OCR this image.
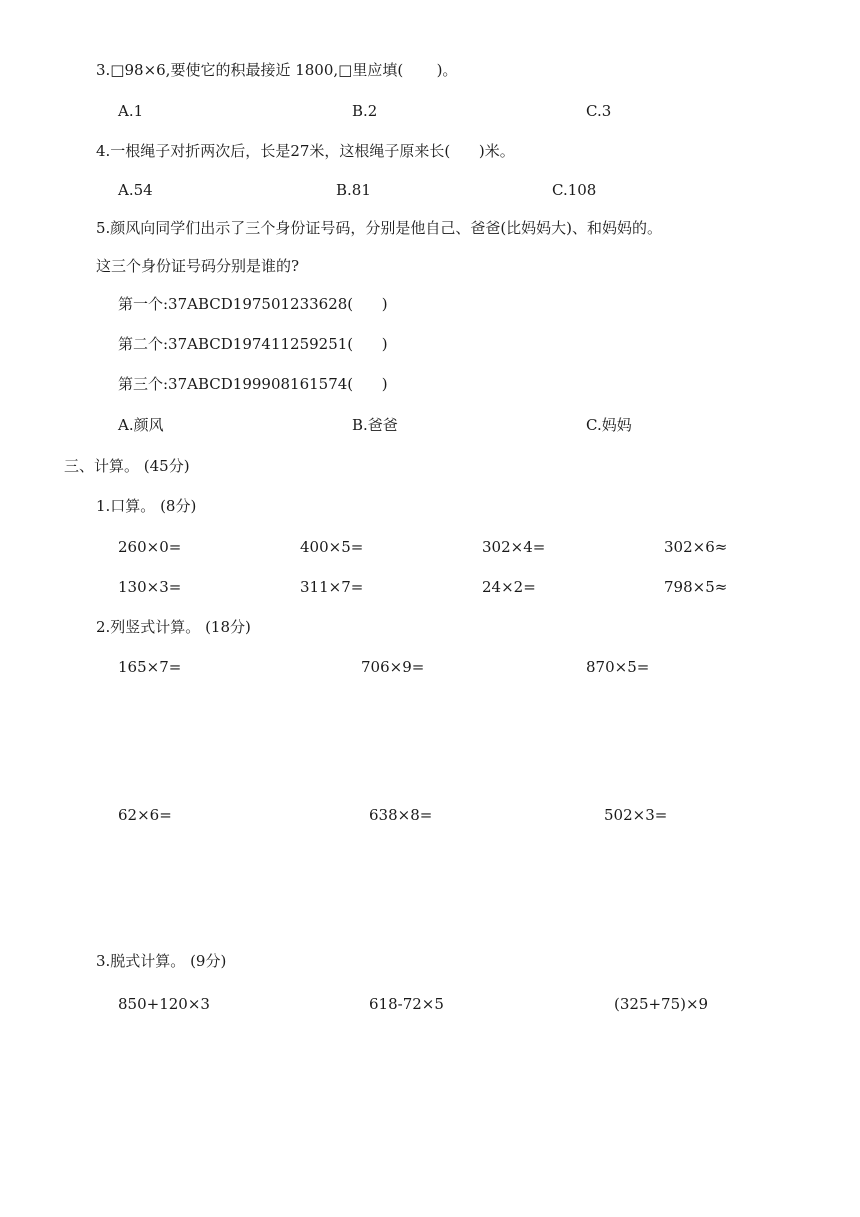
3.□98×6,要使它的积最接近 1800,□里应填(       )。
A.1	B.2	C.3
4.一根绳子对折两次后，长是27米，这根绳子原来长(      )米。
A.54	B.81	C.108
5.颜风向同学们出示了三个身份证号码，分别是他自己、爸爸(比妈妈大)、和妈妈的。
这三个身份证号码分别是谁的?
第一个:37ABCD197501233628(      )
第二个:37ABCD197411259251(      )
第三个:37ABCD199908161574(      )
A.颜风	B.爸爸	C.妈妈
三、计算。 (45分)
1.口算。 (8分)
260×0=	400×5=	302×4=	302×6≈
130×3=	311×7=	24×2=	798×5≈
2.列竖式计算。 (18分)
165×7=	706×9=	870×5=
62×6=	638×8=	502×3=
3.脱式计算。 (9分)
850+120×3	618-72×5	(325+75)×9
